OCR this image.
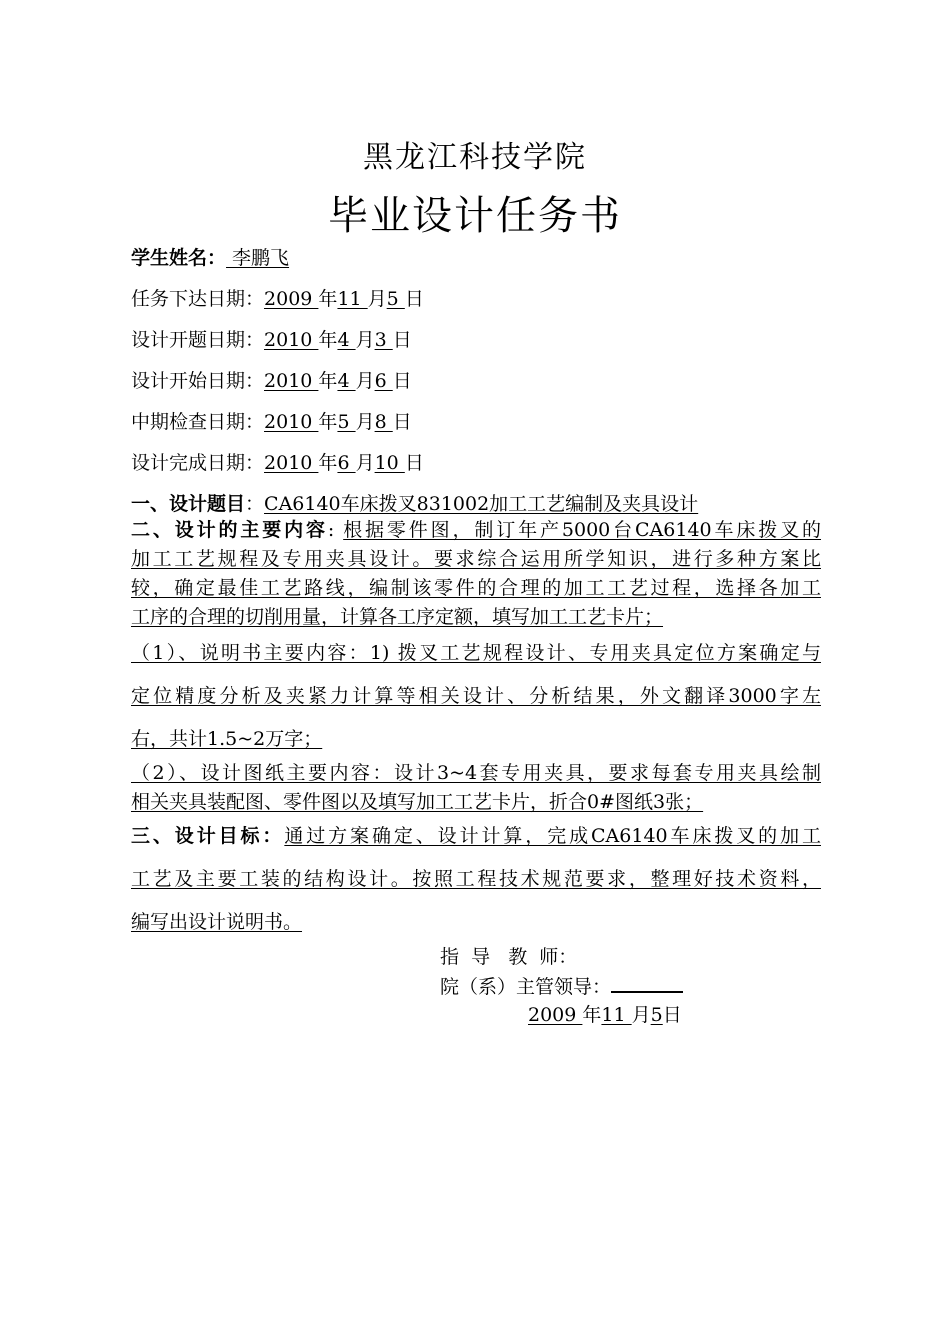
黑龙江科技学院
毕业设计任务书
学生姓名： 李鹏飞
任务下达日期：2009 年11 月5 日
设计开题日期：2010 年4 月3 日
设计开始日期：2010 年4 月6 日
中期检查日期：2010 年5 月8 日
设计完成日期：2010 年6 月10 日
一、设计题目：CA6140车床拨叉831002加工工艺编制及夹具设计
二、设计的主要内容: 根据零件图，制订年产5000台CA6140车床拨叉的
加工工艺规程及专用夹具设计。要求综合运用所学知识，进行多种方案比
较，确定最佳工艺路线，编制该零件的合理的加工工艺过程，选择各加工
工序的合理的切削用量，计算各工序定额，填写加工工艺卡片；
（1）、说明书主要内容：1) 拨叉工艺规程设计、专用夹具定位方案确定与
定位精度分析及夹紧力计算等相关设计、分析结果，外文翻译3000字左
右，共计1.5~2万字；
（2）、设计图纸主要内容：设计3~4套专用夹具，要求每套专用夹具绘制
相关夹具装配图、零件图以及填写加工工艺卡片，折合0#图纸3张；
三、设计目标：通过方案确定、设计计算，完成CA6140车床拨叉的加工
工艺及主要工装的结构设计。按照工程技术规范要求，整理好技术资料，
编写出设计说明书。
指  导   教  师：
院（系）主管领导：
2009 年11 月5日
